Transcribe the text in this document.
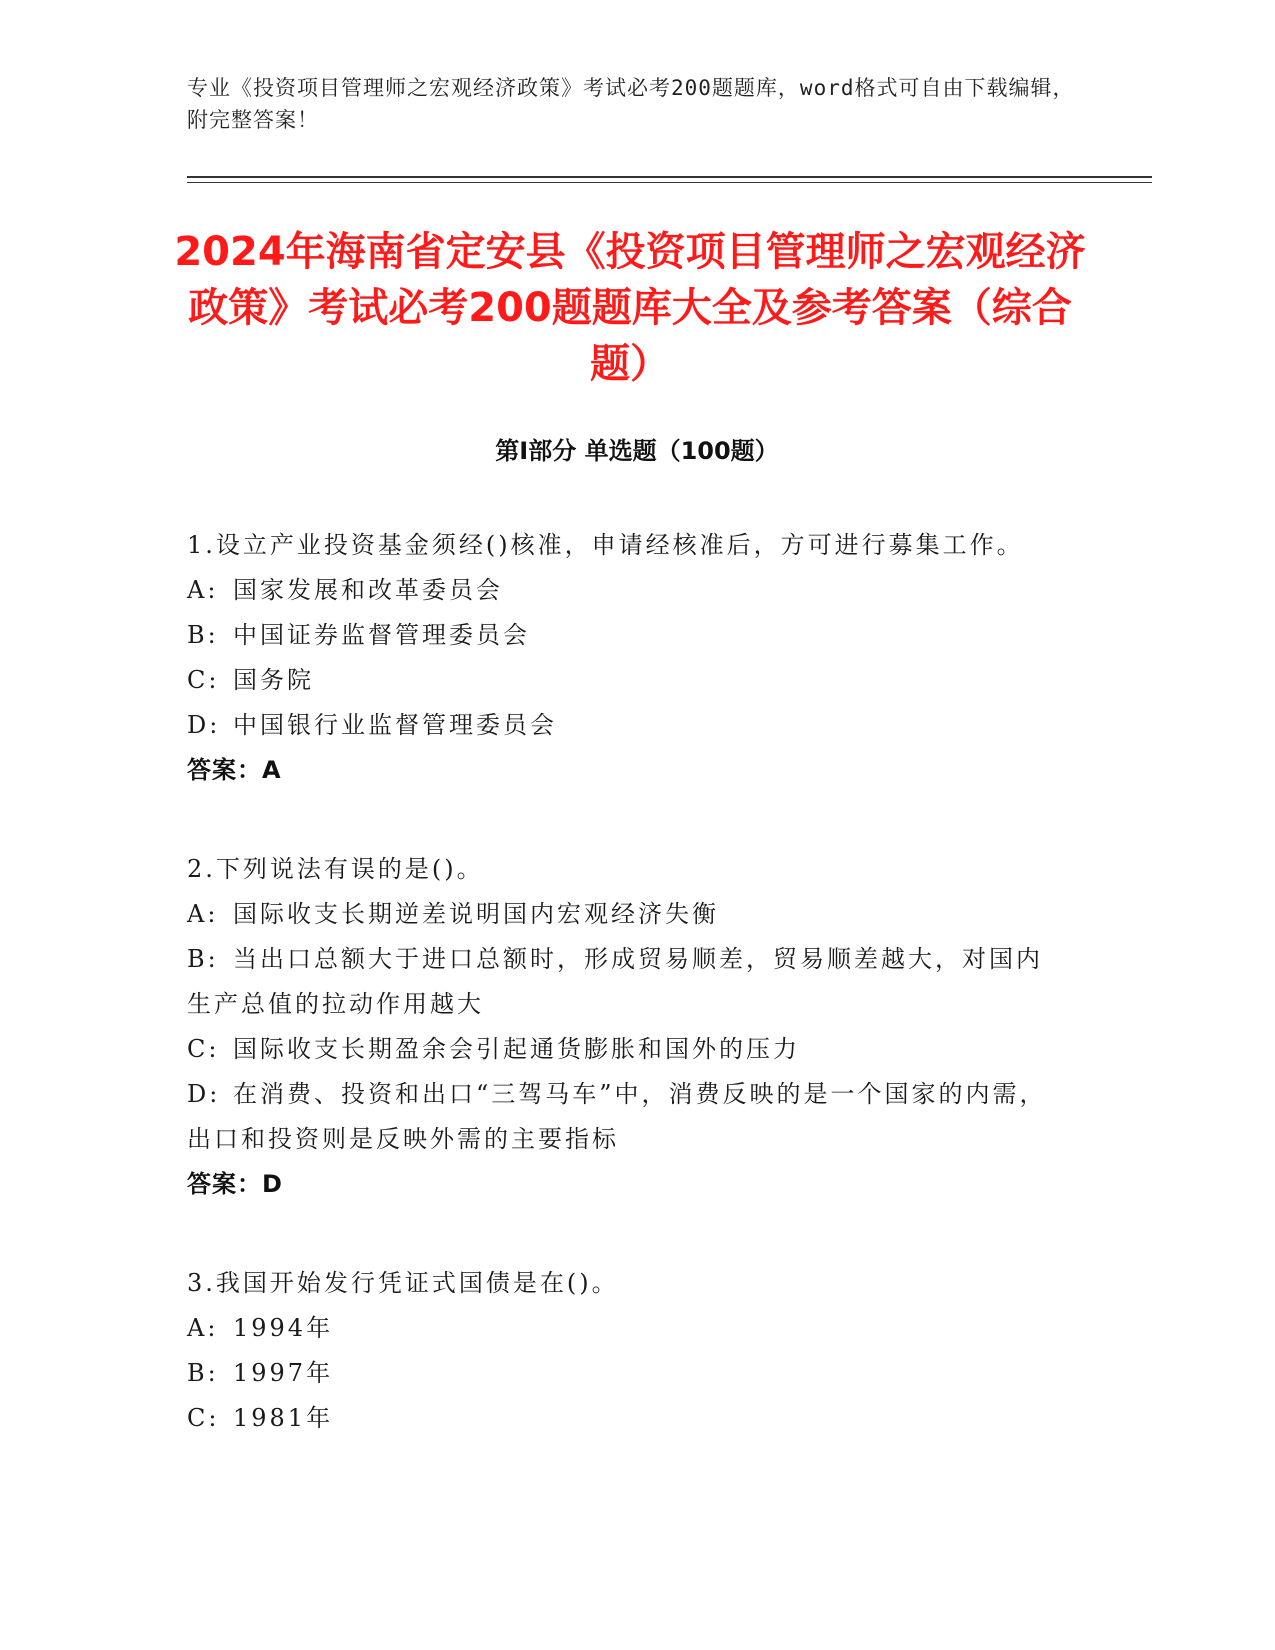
专业《投资项目管理师之宏观经济政策》考试必考200题题库，word格式可自由下载编辑，附完整答案！
2024年海南省定安县《投资项目管理师之宏观经济政策》考试必考200题题库大全及参考答案（综合题）
第I部分 单选题（100题）

1.设立产业投资基金须经()核准，申请经核准后，方可进行募集工作。

A: 国家发展和改革委员会

B: 中国证券监督管理委员会

C: 国务院

D: 中国银行业监督管理委员会

答案：A

2.下列说法有误的是()。

A: 国际收支长期逆差说明国内宏观经济失衡

B: 当出口总额大于进口总额时，形成贸易顺差，贸易顺差越大，对国内生产总值的拉动作用越大

C: 国际收支长期盈余会引起通货膨胀和国外的压力

D: 在消费、投资和出口“三驾马车”中，消费反映的是一个国家的内需，出口和投资则是反映外需的主要指标

答案：D

3.我国开始发行凭证式国债是在()。

A: 1994年

B: 1997年

C: 1981年
